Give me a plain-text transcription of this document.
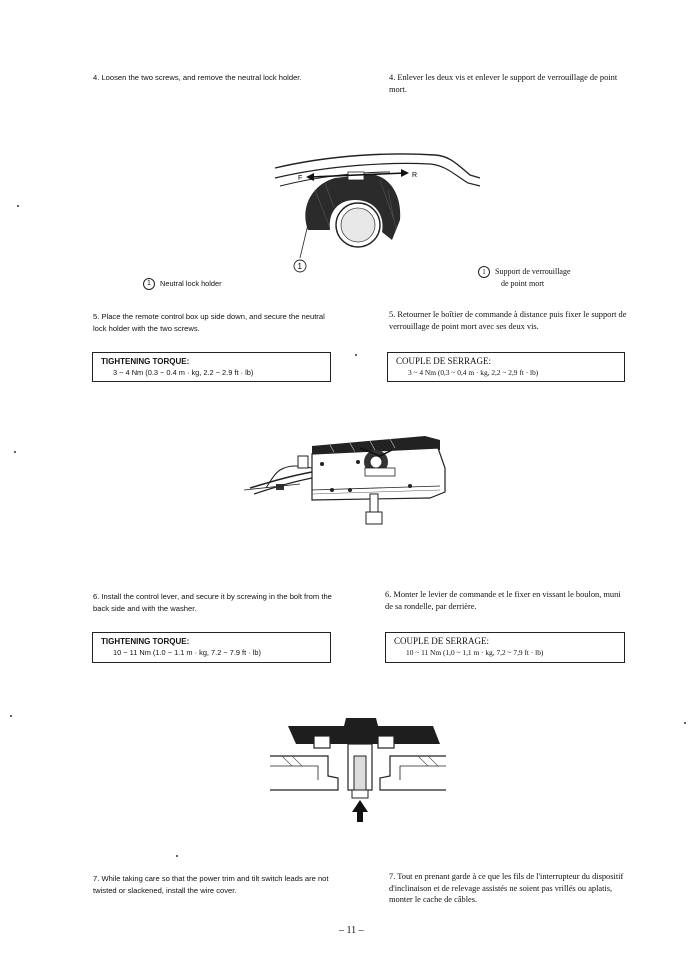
4. Loosen the two screws, and remove the neutral lock holder.	4. Enlever les deux vis et enlever le support de verrouillage de point mort.
F	R
1
1 Neutral lock holder
1 Support de verrouillage
de point mort
5. Place the remote control box up side down, and secure the neutral lock holder with the two screws.
5. Retourner le boîtier de commande à distance puis fixer le support de verrouillage de point mort avec ses deux vis.
TIGHTENING TORQUE:
3 ~ 4 Nm (0.3 ~ 0.4 m · kg, 2.2 ~ 2.9 ft · lb)
COUPLE DE SERRAGE:
3 ~ 4 Nm (0,3 ~ 0,4 m · kg, 2,2 ~ 2,9 ft · lb)
6. Install the control lever, and secure it by screwing in the bolt from the back side and with the washer.
6. Monter le levier de commande et le fixer en vissant le boulon, muni de sa rondelle, par derrière.
TIGHTENING TORQUE:
10 ~ 11 Nm (1.0 ~ 1.1 m · kg, 7.2 ~ 7.9 ft · lb)
COUPLE DE SERRAGE:
10 ~ 11 Nm (1,0 ~ 1,1 m · kg, 7,2 ~ 7,9 ft · lb)
7. While taking care so that the power trim and tilt switch leads are not twisted or slackened, install the wire cover.
7. Tout en prenant garde à ce que les fils de l'interrupteur du dispositif d'inclinaison et de relevage assistés ne soient pas vrillés ou aplatis, monter le cache de câbles.
– 11 –
